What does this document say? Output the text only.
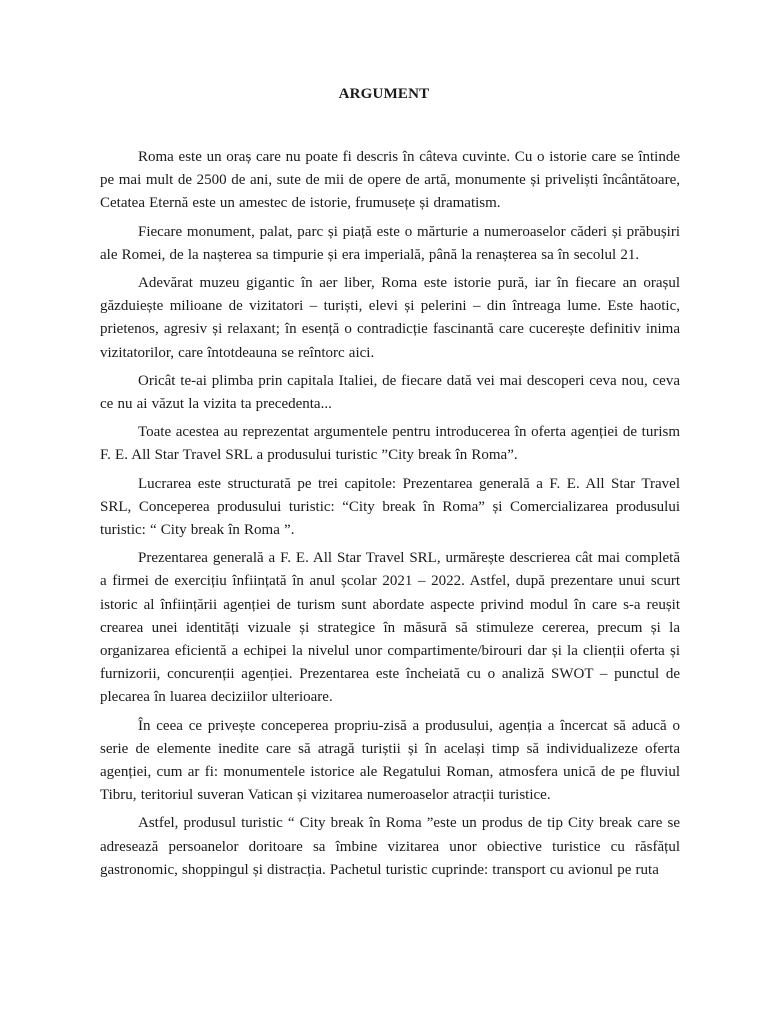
ARGUMENT

Roma este un oraș care nu poate fi descris în câteva cuvinte. Cu o istorie care se întinde pe mai mult de 2500 de ani, sute de mii de opere de artă, monumente și priveliști încântătoare, Cetatea Eternă este un amestec de istorie, frumusețe și dramatism.

Fiecare monument, palat, parc și piață este o mărturie a numeroaselor căderi și prăbușiri ale Romei, de la nașterea sa timpurie și era imperială, până la renașterea sa în secolul 21.

Adevărat muzeu gigantic în aer liber, Roma este istorie pură, iar în fiecare an orașul găzduiește milioane de vizitatori – turiști, elevi și pelerini – din întreaga lume. Este haotic, prietenos, agresiv și relaxant; în esență o contradicție fascinantă care cucerește definitiv inima vizitatorilor, care întotdeauna se reîntorc aici.

Oricât te-ai plimba prin capitala Italiei, de fiecare dată vei mai descoperi ceva nou, ceva ce nu ai văzut la vizita ta precedenta...

Toate acestea au reprezentat argumentele pentru introducerea în oferta agenției de turism F. E. All Star Travel SRL a produsului turistic ”City break în Roma”.

Lucrarea este structurată pe trei capitole: Prezentarea generală a F. E. All Star Travel SRL, Conceperea produsului turistic: “City break în Roma” și Comercializarea produsului turistic: “ City break în Roma ”.

Prezentarea generală a F. E. All Star Travel SRL, urmărește descrierea cât mai completă a firmei de exercițiu înființată în anul școlar 2021 – 2022. Astfel, după prezentare unui scurt istoric al înființării agenției de turism sunt abordate aspecte privind modul în care s-a reușit crearea unei identități vizuale și strategice în măsură să stimuleze cererea, precum și la organizarea eficientă a echipei la nivelul unor compartimente/birouri dar și la clienții oferta și furnizorii, concurenții agenției. Prezentarea este încheiată cu o analiză SWOT – punctul de plecarea în luarea deciziilor ulterioare.

În ceea ce privește conceperea propriu-zisă a produsului, agenția a încercat să aducă o serie de elemente inedite care să atragă turiștii și în același timp să individualizeze oferta agenției, cum ar fi: monumentele istorice ale Regatului Roman, atmosfera unică de pe fluviul Tibru, teritoriul suveran Vatican și vizitarea numeroaselor atracții turistice.

Astfel, produsul turistic “ City break în Roma ”este un produs de tip City break care se adresează persoanelor doritoare sa îmbine vizitarea unor obiective turistice cu răsfățul gastronomic, shoppingul și distracția. Pachetul turistic cuprinde: transport cu avionul pe ruta
